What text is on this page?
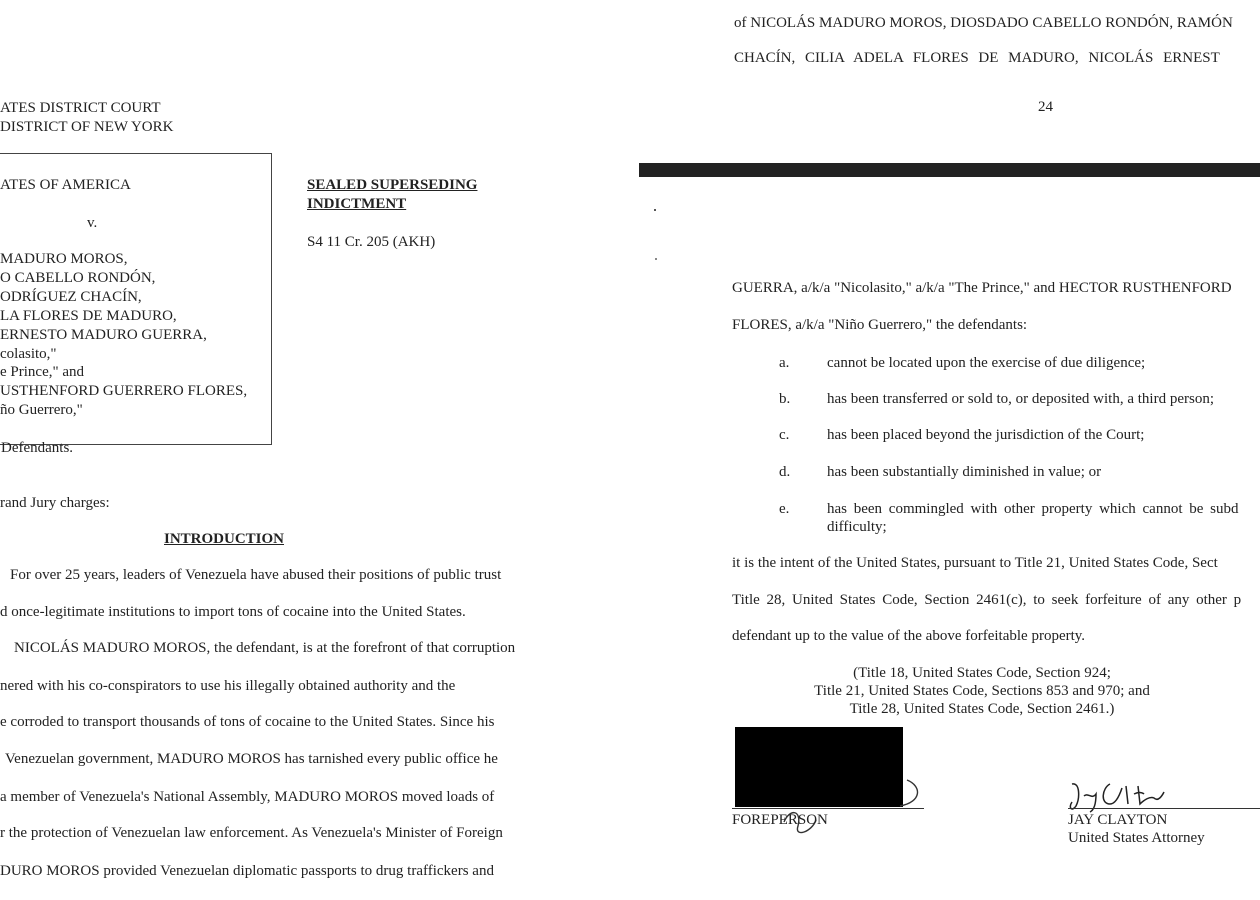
ATES DISTRICT COURT
DISTRICT OF NEW YORK
ATES OF AMERICA
v.
MADURO MOROS,
O CABELLO RONDÓN,
ODRÍGUEZ CHACÍN,
LA FLORES DE MADURO,
ERNESTO MADURO GUERRA,
colasito,"
e Prince," and
USTHENFORD GUERRERO FLORES,
ño Guerrero,"
Defendants.
SEALED SUPERSEDING
INDICTMENT
S4 11 Cr. 205 (AKH)
rand Jury charges:
INTRODUCTION
For over 25 years, leaders of Venezuela have abused their positions of public trust
d once-legitimate institutions to import tons of cocaine into the United States.
NICOLÁS MADURO MOROS, the defendant, is at the forefront of that corruption
nered with his co-conspirators to use his illegally obtained authority and the
e corroded to transport thousands of tons of cocaine to the United States. Since his
Venezuelan government, MADURO MOROS has tarnished every public office he
a member of Venezuela's National Assembly, MADURO MOROS moved loads of
r the protection of Venezuelan law enforcement. As Venezuela's Minister of Foreign
DURO MOROS provided Venezuelan diplomatic passports to drug traffickers and
of NICOLÁS MADURO MOROS, DIOSDADO CABELLO RONDÓN, RAMÓN
CHACÍN, CILIA ADELA FLORES DE MADURO, NICOLÁS ERNEST
24
GUERRA, a/k/a "Nicolasito," a/k/a "The Prince," and HECTOR RUSTHENFORD
FLORES, a/k/a "Niño Guerrero," the defendants:
a.	cannot be located upon the exercise of due diligence;
b. has been transferred or sold to, or deposited with, a third person;
c.	has been placed beyond the jurisdiction of the Court;
d. has been substantially diminished in value; or
e.	has been commingled with other property which cannot be subd
difficulty;
it is the intent of the United States, pursuant to Title 21, United States Code, Sect
Title 28, United States Code, Section 2461(c), to seek forfeiture of any other p
defendant up to the value of the above forfeitable property.
(Title 18, United States Code, Section 924;
Title 21, United States Code, Sections 853 and 970; and
Title 28, United States Code, Section 2461.)
FOREPERSON	JAY CLAYTON
United States Attorney
